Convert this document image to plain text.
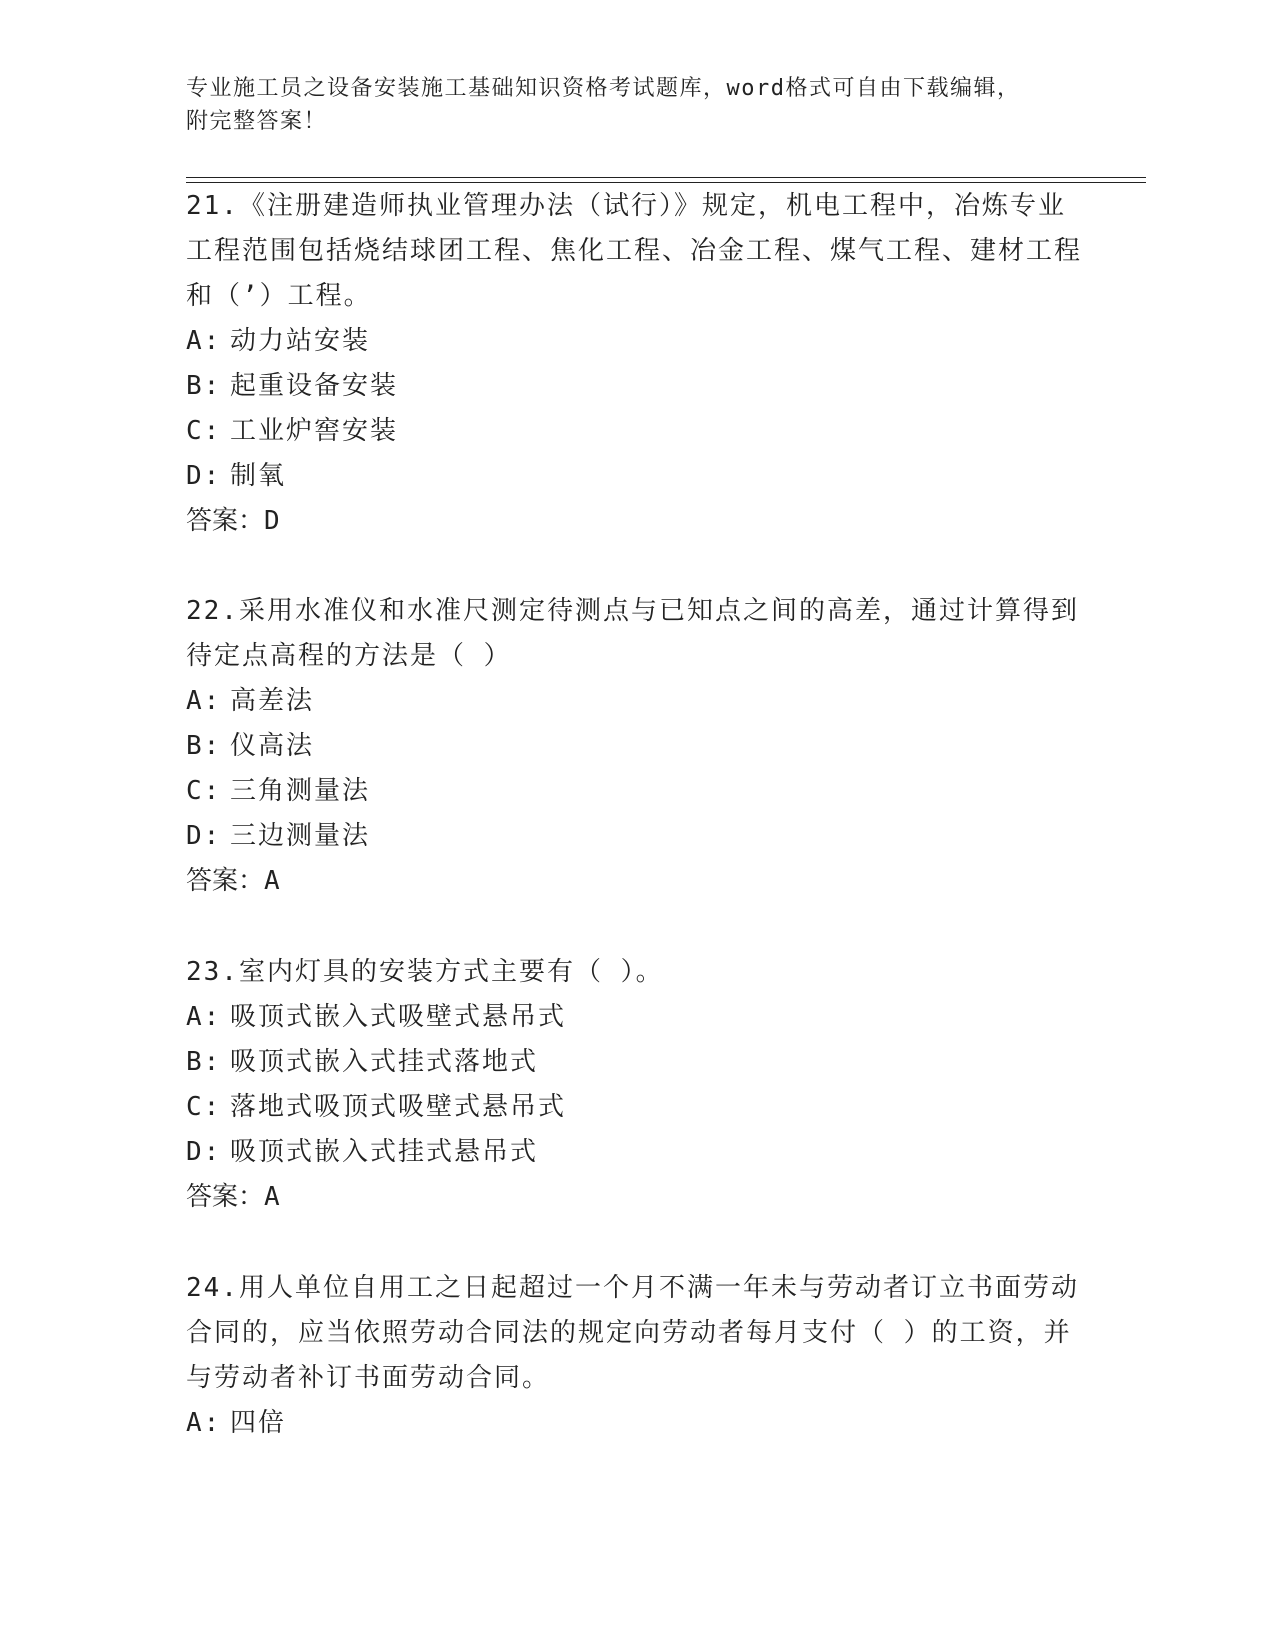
专业施工员之设备安装施工基础知识资格考试题库，word格式可自由下载编辑，
附完整答案！
21.《注册建造师执业管理办法（试行）》规定，机电工程中，冶炼专业工程范围包括烧结球团工程、焦化工程、冶金工程、煤气工程、建材工程和（’）工程。
A: 动力站安装
B: 起重设备安装
C: 工业炉窖安装
D: 制氧
答案：D
22.采用水准仪和水准尺测定待测点与已知点之间的高差，通过计算得到待定点高程的方法是（ ）
A: 高差法
B: 仪高法
C: 三角测量法
D: 三边测量法
答案：A
23.室内灯具的安装方式主要有（ ）。
A: 吸顶式嵌入式吸壁式悬吊式
B: 吸顶式嵌入式挂式落地式
C: 落地式吸顶式吸壁式悬吊式
D: 吸顶式嵌入式挂式悬吊式
答案：A
24.用人单位自用工之日起超过一个月不满一年未与劳动者订立书面劳动合同的，应当依照劳动合同法的规定向劳动者每月支付（ ）的工资，并与劳动者补订书面劳动合同。
A: 四倍
